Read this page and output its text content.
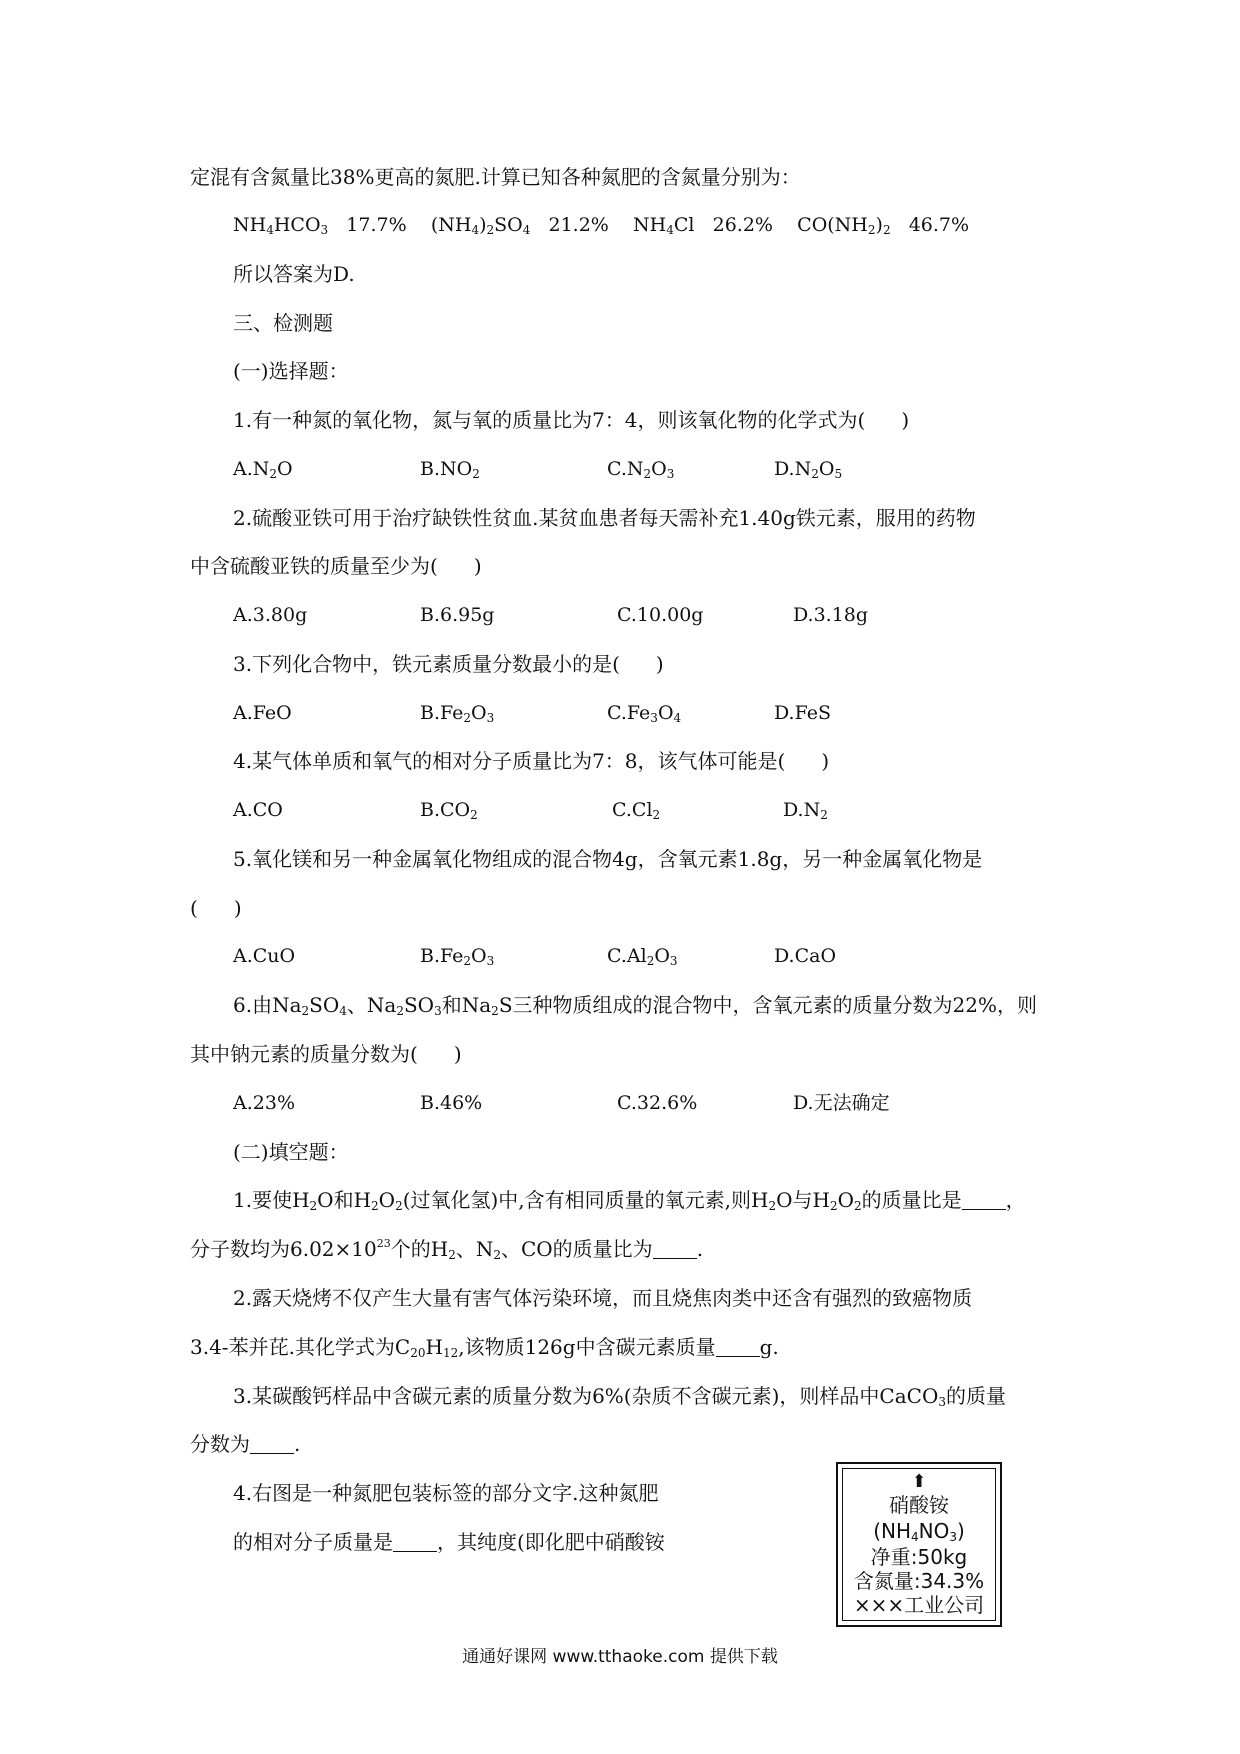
定混有含氮量比38%更高的氮肥.计算已知各种氮肥的含氮量分别为：
$NH_4HCO_3$ 17.7% $(NH_4)_2SO_4$ 21.2% $NH_4Cl$ 26.2% $CO(NH_2)_2$ 46.7%
所以答案为D.
三、检测题
(一)选择题：
1.有一种氮的氧化物，氮与氧的质量比为7：4，则该氧化物的化学式为( )
$A.N_2O$	$B.NO_2$	$C.N_2O_3$	$D.N_2O_5$
2.硫酸亚铁可用于治疗缺铁性贫血.某贫血患者每天需补充1.40g铁元素，服用的药物
中含硫酸亚铁的质量至少为( )
A.3.80g	B.6.95g	C.10.00g	D.3.18g
3.下列化合物中，铁元素质量分数最小的是( )
A.FeO	$B.Fe_2O_3$	$C.Fe_3O_4$	D.FeS
4.某气体单质和氧气的相对分子质量比为7：8，该气体可能是( )
A.CO	$B.CO_2$	$C.Cl_2$	$D.N_2$
5.氧化镁和另一种金属氧化物组成的混合物4g，含氧元素1.8g，另一种金属氧化物是
( )
A.CuO	$B.Fe_2O_3$	$C.Al_2O_3$	D.CaO
6.由$Na_2SO_4$、$Na_2SO_3$和$Na_2S$三种物质组成的混合物中，含氧元素的质量分数为22%，则
其中钠元素的质量分数为( )
A.23%	B.46%	C.32.6%	D.无法确定
(二)填空题：
1.要使$H_2O$和$H_2O_2$(过氧化氢)中,含有相同质量的氧元素,则$H_2O$与$H_2O_2$的质量比是 ，
分子数均为$6.02\times 10^{23}$个的$H_2$、$N_2$、CO的质量比为 .
2.露天烧烤不仅产生大量有害气体污染环境，而且烧焦肉类中还含有强烈的致癌物质
3.4-苯并芘.其化学式为$C_{20}H_{12}$,该物质126g中含碳元素质量 g.
3.某碳酸钙样品中含碳元素的质量分数为6%(杂质不含碳元素)，则样品中CaCO$_3$的质量
分数为 .
4.右图是一种氮肥包装标签的部分文字.这种氮肥
的相对分子质量是 ，其纯度(即化肥中硝酸铵
⬆
硝酸铵
$(NH_4NO_3)$
净重:50kg
含氮量:34.3%
×××工业公司
通通好课网 www.tthaoke.com 提供下载
